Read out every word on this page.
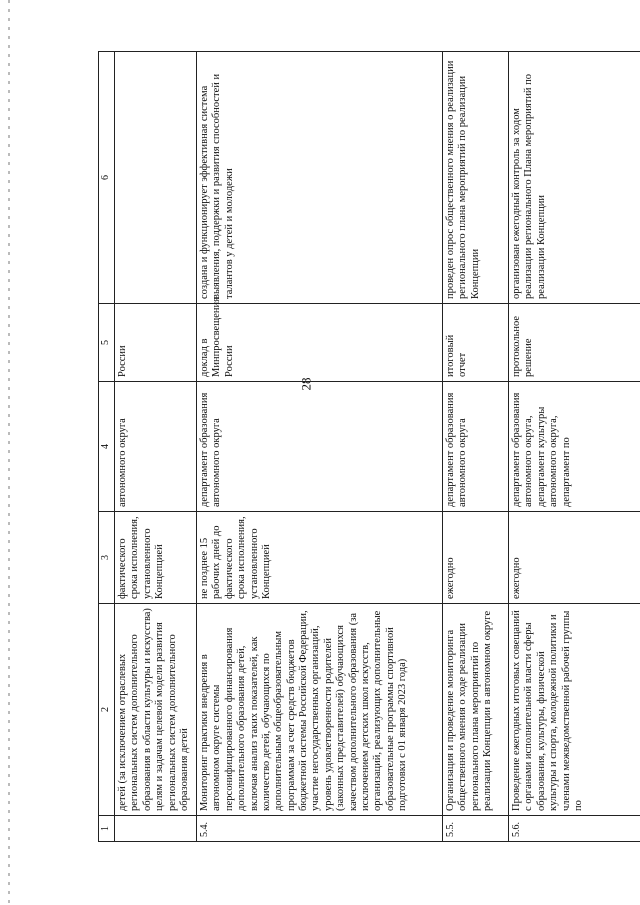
28
1	2	3	4	5	6
	детей (за исключением отраслевых региональных систем дополнительного образования в области культуры и искусства) целям и задачам целевой модели развития региональных систем дополнительного образования детей	фактического срока исполнения, установленного Концепцией	автономного округа	России	
5.4.	Мониторинг практики внедрения в автономном округе системы персонифицированного финансирования дополнительного образования детей, включая анализ таких показателей, как количество детей, обучающихся по дополнительным общеобразовательным программам за счет средств бюджетов бюджетной системы Российской Федерации, участие негосударственных организаций, уровень удовлетворенности родителей (законных представителей) обучающихся качеством дополнительного образования (за исключением детских школ искусств, организаций, реализующих дополнительные образовательные программы спортивной подготовки с 01 января 2023 года)	не позднее 15 рабочих дней до фактического срока исполнения, установленного Концепцией	департамент образования автономного округа	доклад в Минпросвещения России	создана и функционирует эффективная система выявления, поддержки и развития способностей и талантов у детей и молодежи
5.5.	Организация и проведение мониторинга общественного мнения о ходе реализации регионального плана мероприятий по реализации Концепции в автономном округе	ежегодно	департамент образования автономного округа	итоговый отчет	проведен опрос общественного мнения о реализации регионального плана мероприятий по реализации Концепции
5.6.	Проведение ежегодных итоговых совещаний с органами исполнительной власти сферы образования, культуры, физической культуры и спорта, молодежной политики и членами межведомственной рабочей группы по	ежегодно	департамент образования автономного округа, департамент культуры автономного округа, департамент по	протокольное решение	организован ежегодный контроль за ходом реализации регионального Плана мероприятий по реализации Концепции
